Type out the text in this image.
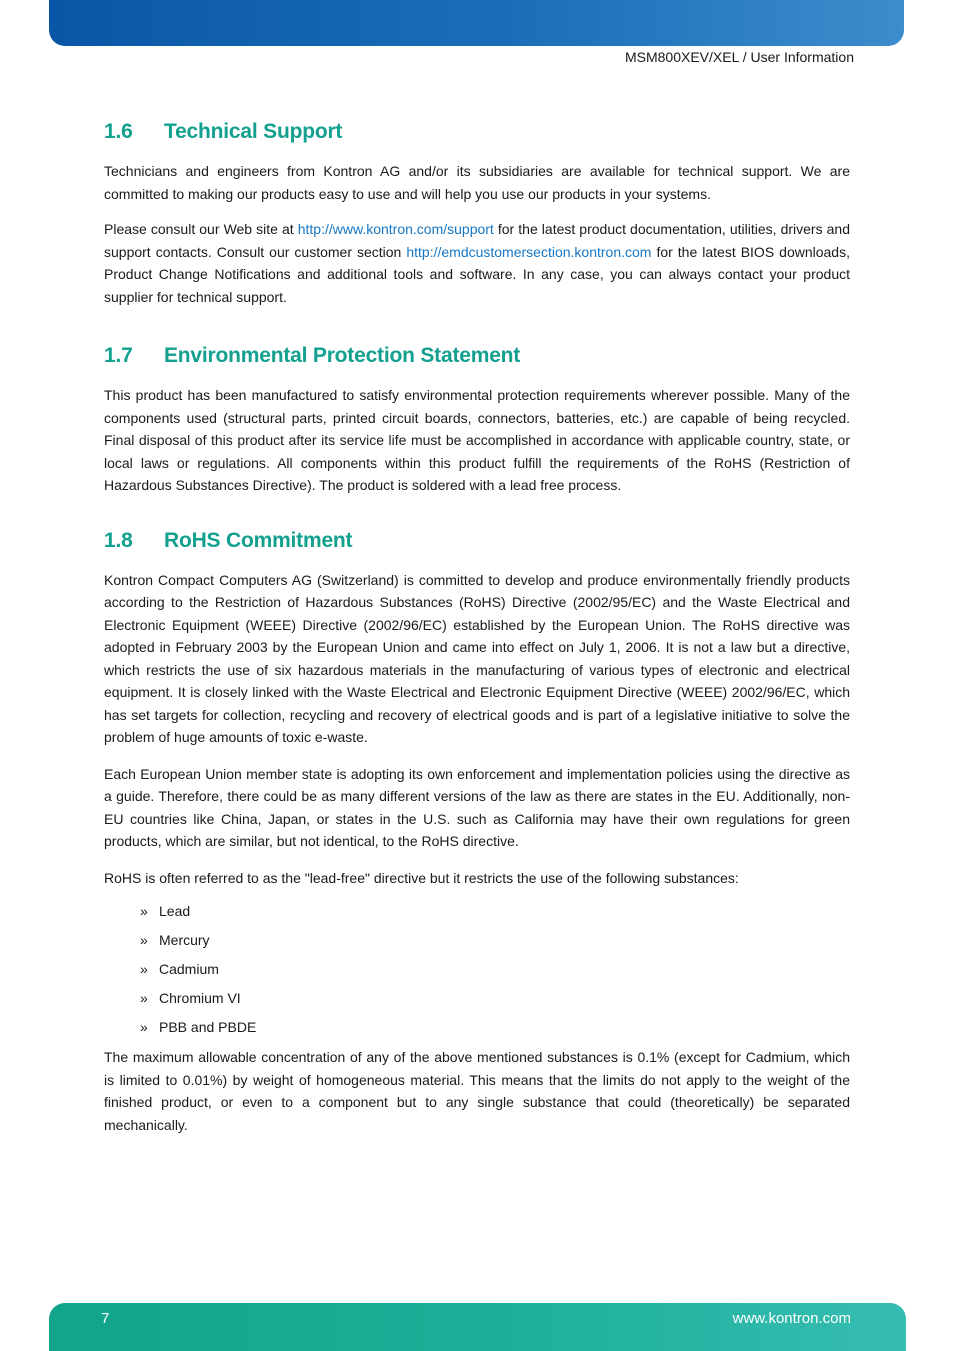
MSM800XEV/XEL / User Information
1.6	Technical Support

Technicians and engineers from Kontron AG and/or its subsidiaries are available for technical support. We are committed to making our products easy to use and will help you use our products in your systems.

Please consult our Web site at http://www.kontron.com/support for the latest product documentation, utilities, drivers and support contacts. Consult our customer section http://emdcustomersection.kontron.com for the latest BIOS downloads, Product Change Notifications and additional tools and software. In any case, you can always contact your product supplier for technical support.

1.7	Environmental Protection Statement

This product has been manufactured to satisfy environmental protection requirements wherever possible. Many of the components used (structural parts, printed circuit boards, connectors, batteries, etc.) are capable of being recycled. Final disposal of this product after its service life must be accomplished in accordance with applicable country, state, or local laws or regulations. All components within this product fulfill the requirements of the RoHS (Restriction of Hazardous Substances Directive). The product is soldered with a lead free process.

1.8	RoHS Commitment

Kontron Compact Computers AG (Switzerland) is committed to develop and produce environmentally friendly products according to the Restriction of Hazardous Substances (RoHS) Directive (2002/95/EC) and the Waste Electrical and Electronic Equipment (WEEE) Directive (2002/96/EC) established by the European Union. The RoHS directive was adopted in February 2003 by the European Union and came into effect on July 1, 2006. It is not a law but a directive, which restricts the use of six hazardous materials in the manufacturing of various types of electronic and electrical equipment. It is closely linked with the Waste Electrical and Electronic Equipment Directive (WEEE) 2002/96/EC, which has set targets for collection, recycling and recovery of electrical goods and is part of a legislative initiative to solve the problem of huge amounts of toxic e-waste.

Each European Union member state is adopting its own enforcement and implementation policies using the directive as a guide. Therefore, there could be as many different versions of the law as there are states in the EU. Additionally, non-EU countries like China, Japan, or states in the U.S. such as California may have their own regulations for green products, which are similar, but not identical, to the RoHS directive.

RoHS is often referred to as the "lead-free" directive but it restricts the use of the following substances:

» Lead
» Mercury
» Cadmium
» Chromium VI
» PBB and PBDE

The maximum allowable concentration of any of the above mentioned substances is 0.1% (except for Cadmium, which is limited to 0.01%) by weight of homogeneous material. This means that the limits do not apply to the weight of the finished product, or even to a component but to any single substance that could (theoretically) be separated mechanically.

7	www.kontron.com
